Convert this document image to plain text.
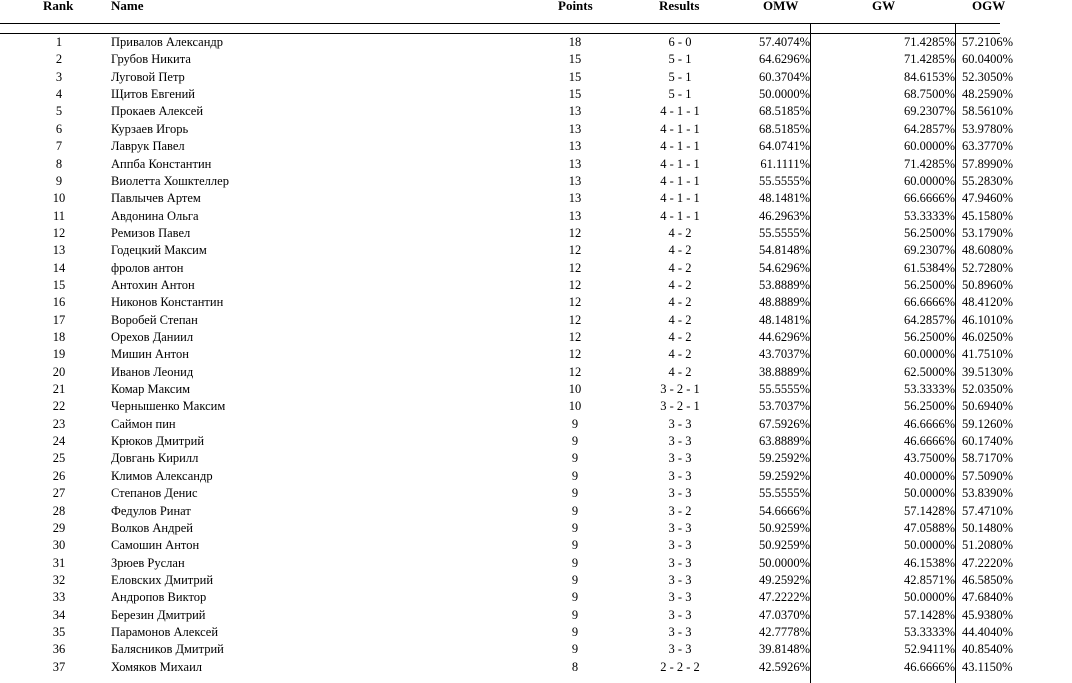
Rank	Name	Points	Results	OMW	GW	OGW
1	Привалов Александр	18	6 - 0	57.4074%	71.4285% 57.2106%
2	Грубов Никита	15	5 - 1	64.6296%	71.4285% 60.0400%
3	Луговой Петр	15	5 - 1	60.3704%	84.6153% 52.3050%
4	Щитов Евгений	15	5 - 1	50.0000%	68.7500% 48.2590%
5	Прокаев Алексей	13	4 - 1 - 1	68.5185%	69.2307% 58.5610%
6	Курзаев Игорь	13	4 - 1 - 1	68.5185%	64.2857% 53.9780%
7	Лаврук Павел	13	4 - 1 - 1	64.0741%	60.0000% 63.3770%
8	Аппба Константин	13	4 - 1 - 1	61.1111%	71.4285% 57.8990%
9	Виолетта Хошктеллер	13	4 - 1 - 1	55.5555%	60.0000% 55.2830%
10	Павлычев Артем	13	4 - 1 - 1	48.1481%	66.6666% 47.9460%
11	Авдонина Ольга	13	4 - 1 - 1	46.2963%	53.3333% 45.1580%
12	Ремизов Павел	12	4 - 2	55.5555%	56.2500% 53.1790%
13	Годецкий Максим	12	4 - 2	54.8148%	69.2307% 48.6080%
14	фролов антон	12	4 - 2	54.6296%	61.5384% 52.7280%
15	Антохин Антон	12	4 - 2	53.8889%	56.2500% 50.8960%
16	Никонов Константин	12	4 - 2	48.8889%	66.6666% 48.4120%
17	Воробей Степан	12	4 - 2	48.1481%	64.2857% 46.1010%
18	Орехов Даниил	12	4 - 2	44.6296%	56.2500% 46.0250%
19	Мишин Антон	12	4 - 2	43.7037%	60.0000% 41.7510%
20	Иванов Леонид	12	4 - 2	38.8889%	62.5000% 39.5130%
21	Комар Максим	10	3 - 2 - 1	55.5555%	53.3333% 52.0350%
22	Чернышенко Максим	10	3 - 2 - 1	53.7037%	56.2500% 50.6940%
23	Саймон пин	9	3 - 3	67.5926%	46.6666% 59.1260%
24	Крюков Дмитрий	9	3 - 3	63.8889%	46.6666% 60.1740%
25	Довгань Кирилл	9	3 - 3	59.2592%	43.7500% 58.7170%
26	Климов Александр	9	3 - 3	59.2592%	40.0000% 57.5090%
27	Степанов Денис	9	3 - 3	55.5555%	50.0000% 53.8390%
28	Федулов Ринат	9	3 - 2	54.6666%	57.1428% 57.4710%
29	Волков Андрей	9	3 - 3	50.9259%	47.0588% 50.1480%
30	Самошин Антон	9	3 - 3	50.9259%	50.0000% 51.2080%
31	Зрюев Руслан	9	3 - 3	50.0000%	46.1538% 47.2220%
32	Еловских Дмитрий	9	3 - 3	49.2592%	42.8571% 46.5850%
33	Андропов Виктор	9	3 - 3	47.2222%	50.0000% 47.6840%
34	Березин Дмитрий	9	3 - 3	47.0370%	57.1428% 45.9380%
35	Парамонов Алексей	9	3 - 3	42.7778%	53.3333% 44.4040%
36	Балясников Дмитрий	9	3 - 3	39.8148%	52.9411% 40.8540%
37	Хомяков Михаил	8	2 - 2 - 2	42.5926%	46.6666% 43.1150%
